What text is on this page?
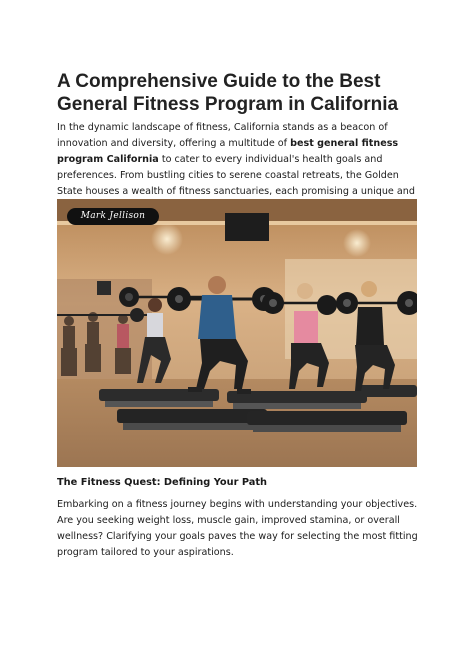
A Comprehensive Guide to the Best General Fitness Program in California

In the dynamic landscape of fitness, California stands as a beacon of innovation and diversity, offering a multitude of best general fitness program California to cater to every individual's health goals and preferences. From bustling cities to serene coastal retreats, the Golden State houses a wealth of fitness sanctuaries, each promising a unique and

Mark Jellison
The Fitness Quest: Defining Your Path

Embarking on a fitness journey begins with understanding your objectives. Are you seeking weight loss, muscle gain, improved stamina, or overall wellness? Clarifying your goals paves the way for selecting the most fitting program tailored to your aspirations.
